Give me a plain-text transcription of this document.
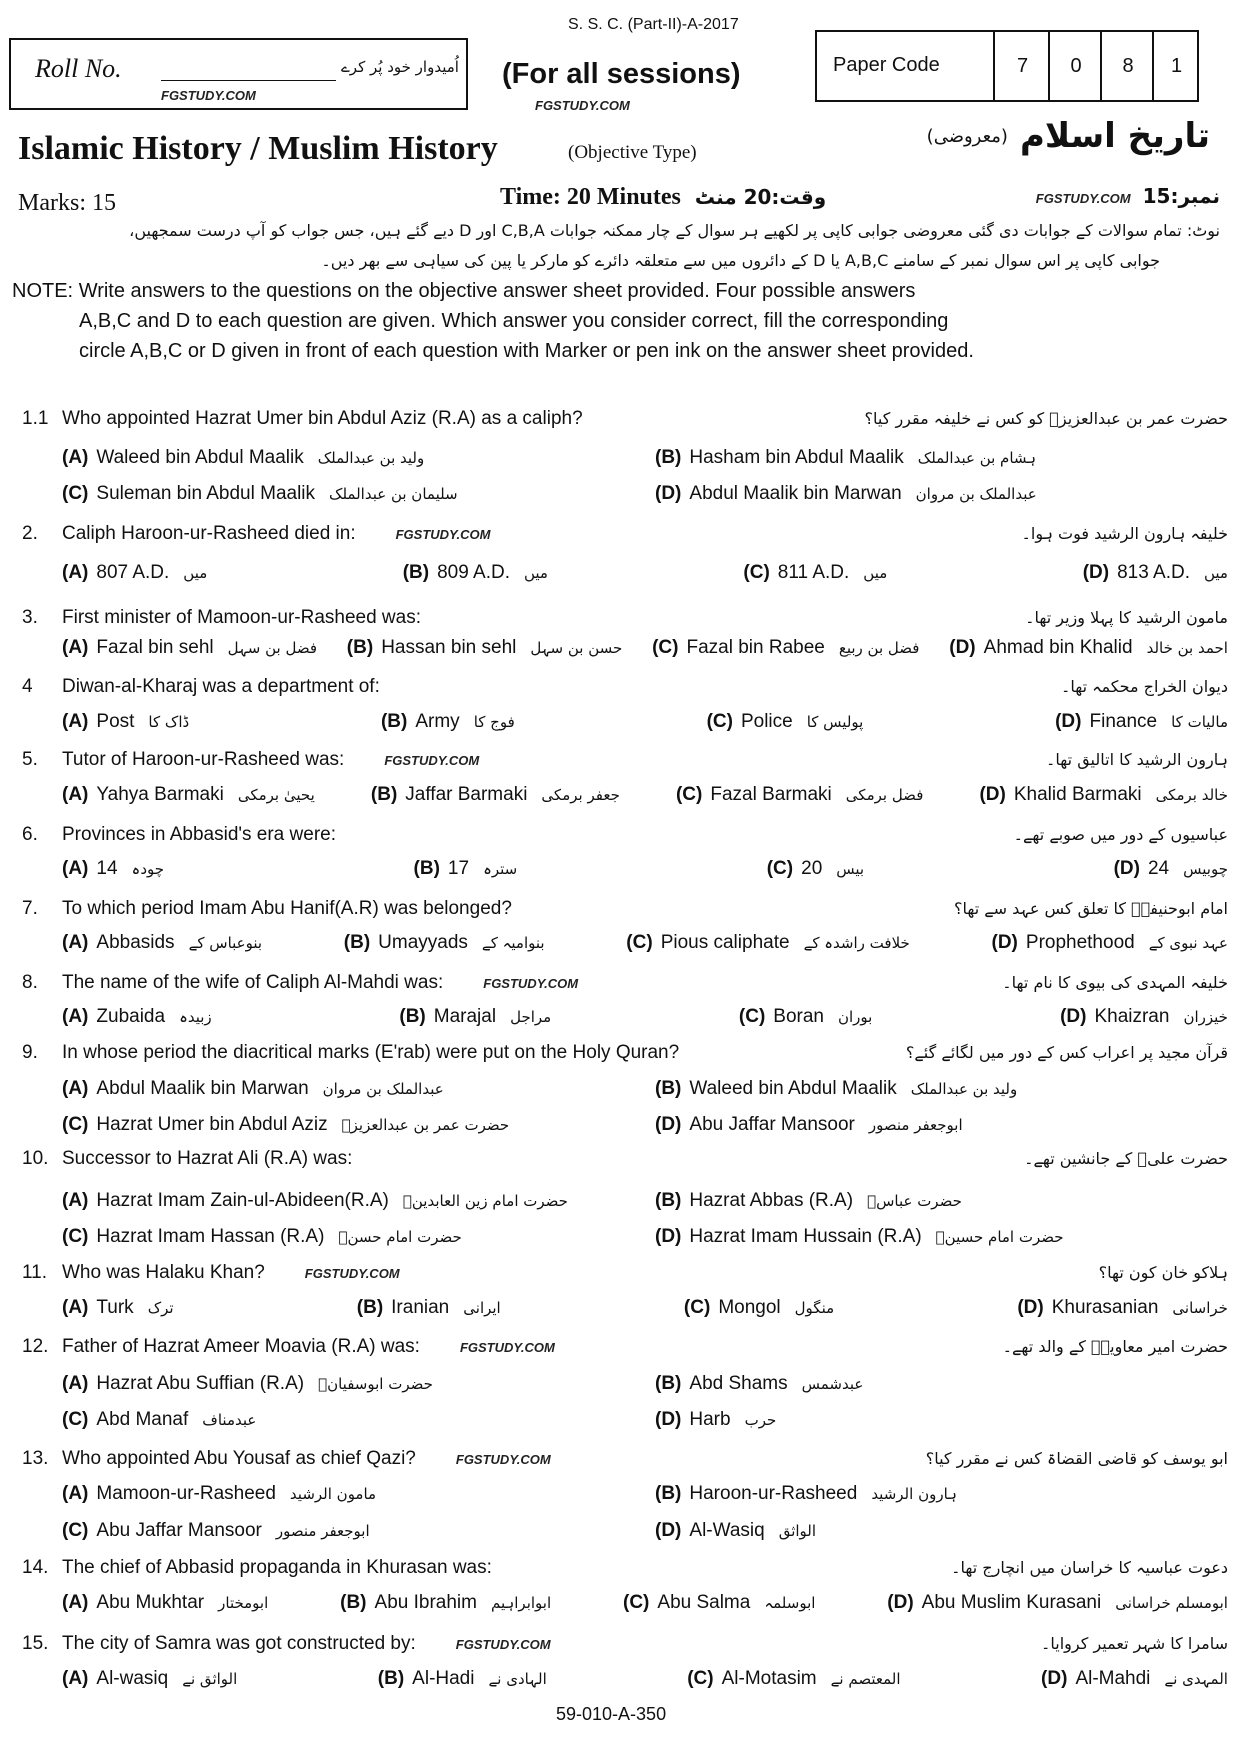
S. S. C. (Part-II)-A-2017
Roll No.	اُمیدوار خود پُر کرے
FGSTUDY.COM
(For all sessions)
FGSTUDY.COM
Paper Code	7	0	8	1
Islamic History / Muslim History	(Objective Type)
(معروضی) تاریخ اسلام
Marks: 15	Time: 20 Minutes وقت:20 منٹ	FGSTUDY.COM نمبر:15
نوٹ: تمام سوالات کے جوابات دی گئی معروضی جوابی کاپی پر لکھیے ہر سوال کے چار ممکنہ جوابات C,B,A اور D دیے گئے ہیں، جس جواب کو آپ درست سمجھیں،
جوابی کاپی پر اس سوال نمبر کے سامنے A,B,C یا D کے دائروں میں سے متعلقہ دائرے کو مارکر یا پین کی سیاہی سے بھر دیں۔
NOTE: Write answers to the questions on the objective answer sheet provided. Four possible answers
A,B,C and D to each question are given. Which answer you consider correct, fill the corresponding
circle A,B,C or D given in front of each question with Marker or pen ink on the answer sheet provided.
1.1 Who appointed Hazrat Umer bin Abdul Aziz (R.A) as a caliph?	حضرت عمر بن عبدالعزیزؒ کو کس نے خلیفہ مقرر کیا؟
(A) Waleed bin Abdul Maalik ولید بن عبدالملک	(B) Hasham bin Abdul Maalik ہشام بن عبدالملک
(C) Suleman bin Abdul Maalik سلیمان بن عبدالملک	(D) Abdul Maalik bin Marwan عبدالملک بن مروان
2. Caliph Haroon-ur-Rasheed died in:	FGSTUDY.COM	خلیفہ ہارون الرشید فوت ہوا۔
(A) 807 A.D. میں	(B) 809 A.D. میں	(C) 811 A.D. میں	(D) 813 A.D. میں
3. First minister of Mamoon-ur-Rasheed was:	مامون الرشید کا پہلا وزیر تھا۔
(A) Fazal bin sehl فضل بن سہل (B) Hassan bin sehl حسن بن سہل (C) Fazal bin Rabee فضل بن ربیع (D) Ahmad bin Khalid احمد بن خالد
4 Diwan-al-Kharaj was a department of:	دیوان الخراج محکمہ تھا۔
(A) Post ڈاک کا	(B) Army فوج کا	(C) Police پولیس کا	(D) Finance مالیات کا
5. Tutor of Haroon-ur-Rasheed was:	FGSTUDY.COM	ہارون الرشید کا اتالیق تھا۔
(A) Yahya Barmaki یحییٰ برمکی	(B) Jaffar Barmaki جعفر برمکی	(C) Fazal Barmaki فضل برمکی	(D) Khalid Barmaki خالد برمکی
6. Provinces in Abbasid's era were:	عباسیوں کے دور میں صوبے تھے۔
(A) 14 چودہ	(B) 17 سترہ	(C) 20 بیس	(D) 24 چوبیس
7. To which period Imam Abu Hanif(A.R) was belonged?	امام ابوحنیفہؒ کا تعلق کس عہد سے تھا؟
(A) Abbasids بنوعباس کے	(B) Umayyads بنوامیہ کے	(C) Pious caliphate خلافت راشدہ کے	(D) Prophethood عہد نبوی کے
8. The name of the wife of Caliph Al-Mahdi was:	FGSTUDY.COM	خلیفہ المہدی کی بیوی کا نام تھا۔
(A) Zubaida زبیدہ	(B) Marajal مراجل	(C) Boran بوران	(D) Khaizran خیزران
9. In whose period the diacritical marks (E'rab) were put on the Holy Quran?	قرآن مجید پر اعراب کس کے دور میں لگائے گئے؟
(A) Abdul Maalik bin Marwan عبدالملک بن مروان	(B) Waleed bin Abdul Maalik ولید بن عبدالملک
(C) Hazrat Umer bin Abdul Aziz حضرت عمر بن عبدالعزیزؒ	(D) Abu Jaffar Mansoor ابوجعفر منصور
10. Successor to Hazrat Ali (R.A) was:	حضرت علیؓ کے جانشین تھے۔
(A) Hazrat Imam Zain-ul-Abideen(R.A) حضرت امام زین العابدینؒ	(B) Hazrat Abbas (R.A) حضرت عباسؓ
(C) Hazrat Imam Hassan (R.A) حضرت امام حسنؓ	(D) Hazrat Imam Hussain (R.A) حضرت امام حسینؓ
11. Who was Halaku Khan?	FGSTUDY.COM	ہلاکو خان کون تھا؟
(A) Turk ترک	(B) Iranian ایرانی	(C) Mongol منگول	(D) Khurasanian خراسانی
12. Father of Hazrat Ameer Moavia (R.A) was:	FGSTUDY.COM	حضرت امیر معاویہؓ کے والد تھے۔
(A) Hazrat Abu Suffian (R.A) حضرت ابوسفیانؓ	(B) Abd Shams عبدشمس
(C) Abd Manaf عبدمناف	(D) Harb حرب
13. Who appointed Abu Yousaf as chief Qazi?	FGSTUDY.COM	ابو یوسف کو قاضی القضاۃ کس نے مقرر کیا؟
(A) Mamoon-ur-Rasheed مامون الرشید	(B) Haroon-ur-Rasheed ہارون الرشید
(C) Abu Jaffar Mansoor ابوجعفر منصور	(D) Al-Wasiq الواثق
14. The chief of Abbasid propaganda in Khurasan was:	دعوت عباسیہ کا خراسان میں انچارج تھا۔
(A) Abu Mukhtar ابومختار	(B) Abu Ibrahim ابوابراہیم	(C) Abu Salma ابوسلمہ	(D) Abu Muslim Kurasani ابومسلم خراسانی
15. The city of Samra was got constructed by:	FGSTUDY.COM	سامرا کا شہر تعمیر کروایا۔
(A) Al-wasiq الواثق نے	(B) Al-Hadi الہادی نے	(C) Al-Motasim المعتصم نے	(D) Al-Mahdi المہدی نے
59-010-A-350
